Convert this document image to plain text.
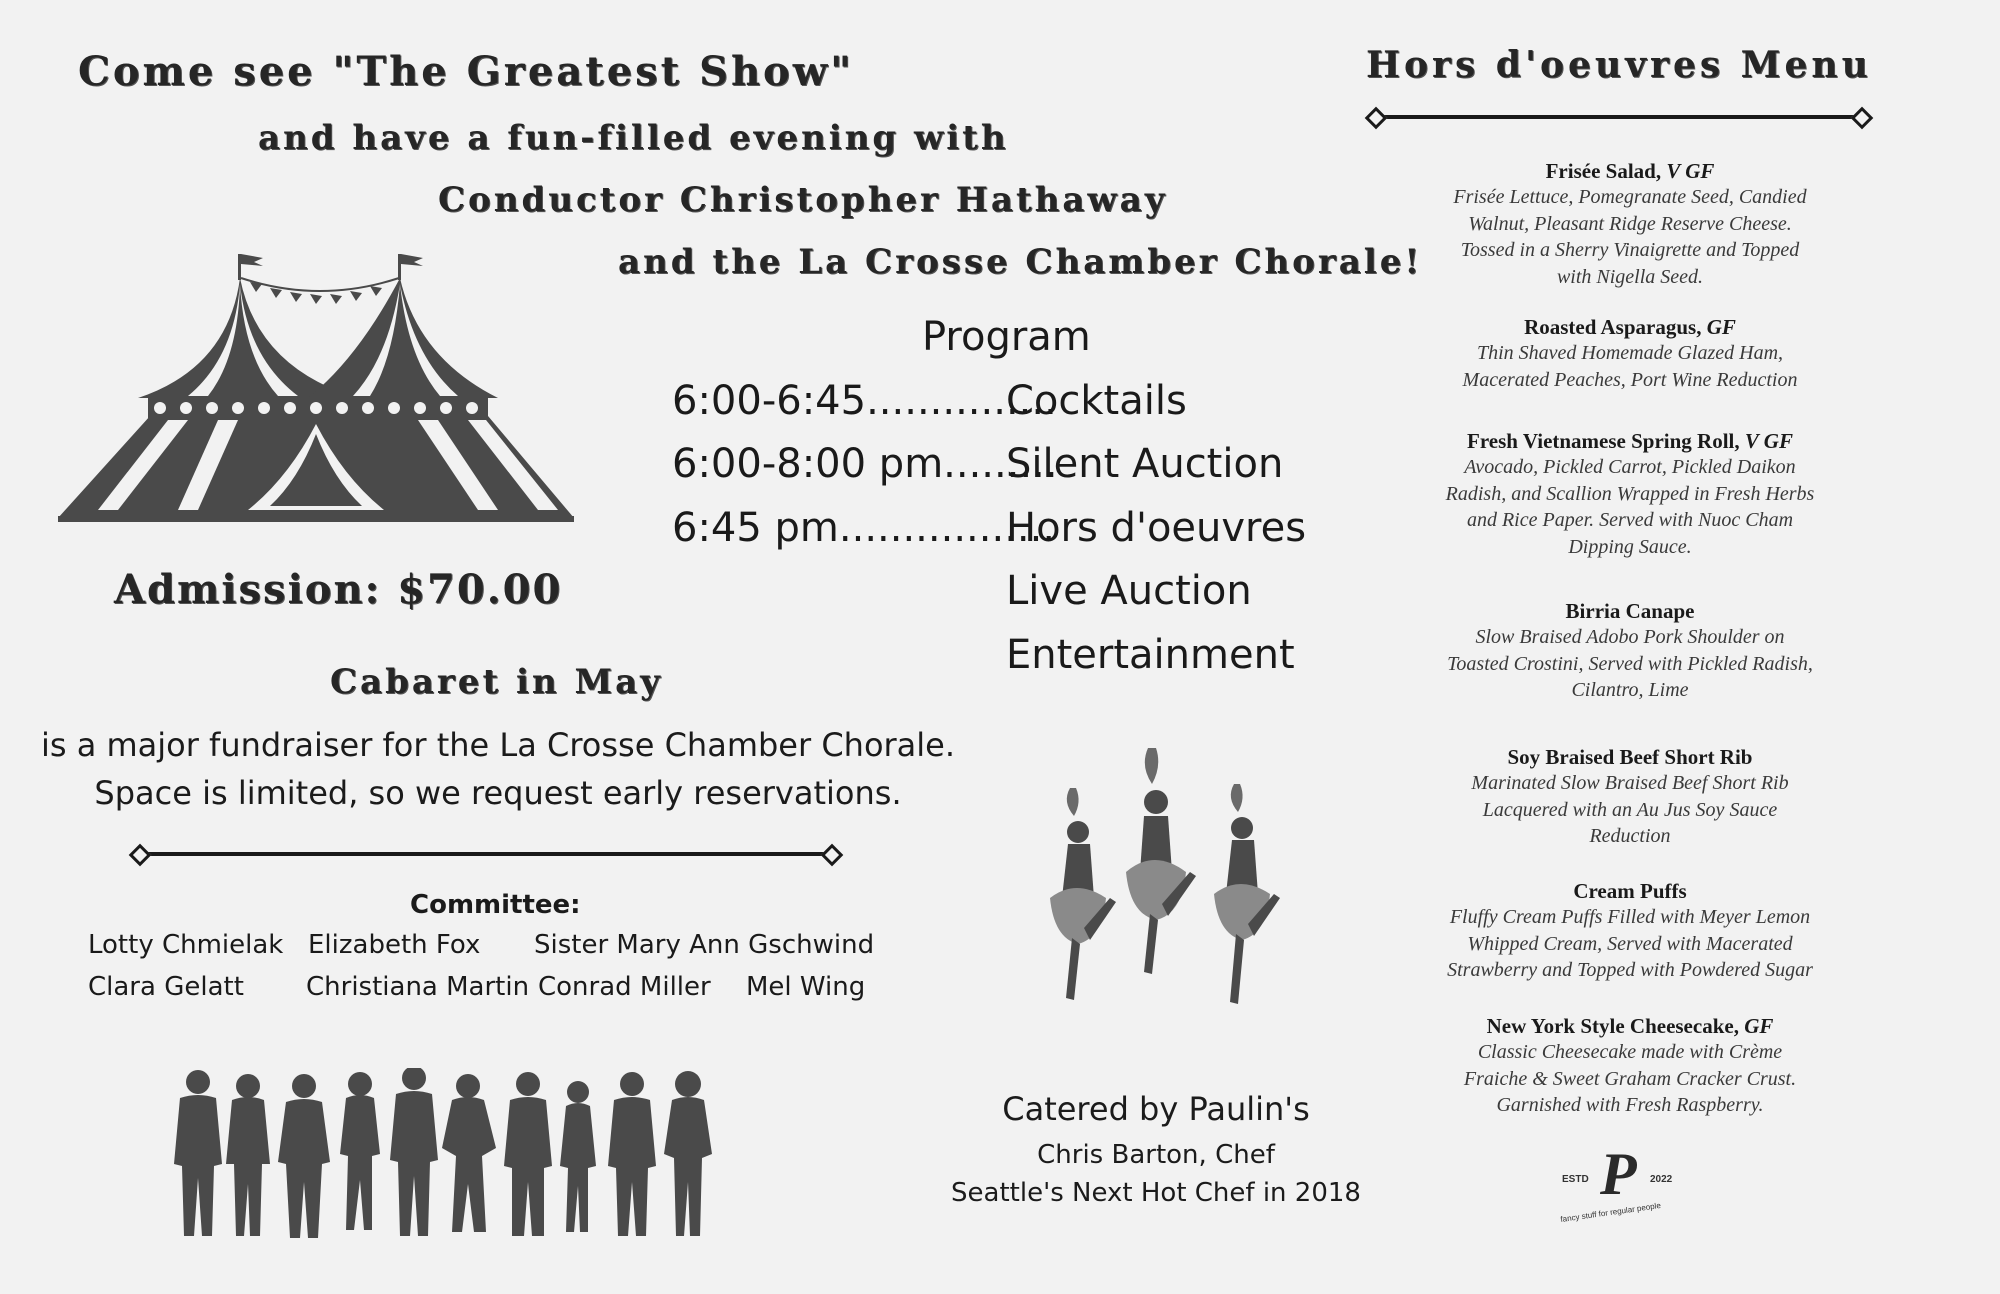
Come see "The Greatest Show"
and have a fun-filled evening with
Conductor Christopher Hathaway
and the La Crosse Chamber Chorale!
Admission: $70.00
Program
6:00-6:45...............
Cocktails
6:00-8:00 pm.........
Silent Auction
6:45 pm.................
Hors d'oeuvres
Live Auction
Entertainment
Cabaret in May
is a major fundraiser for the La Crosse Chamber Chorale.
Space is limited, so we request early reservations.
Committee:
Lotty Chmielak Elizabeth Fox Sister Mary Ann Gschwind
Clara Gelatt Christiana Martin Conrad Miller Mel Wing
Catered by Paulin's
Chris Barton, Chef
Seattle's Next Hot Chef in 2018
Hors d'oeuvres Menu
Frisée Salad, V GF
Frisée Lettuce, Pomegranate Seed, Candied
Walnut, Pleasant Ridge Reserve Cheese.
Tossed in a Sherry Vinaigrette and Topped
with Nigella Seed.
Roasted Asparagus, GF
Thin Shaved Homemade Glazed Ham,
Macerated Peaches, Port Wine Reduction
Fresh Vietnamese Spring Roll, V GF
Avocado, Pickled Carrot, Pickled Daikon
Radish, and Scallion Wrapped in Fresh Herbs
and Rice Paper. Served with Nuoc Cham
Dipping Sauce.
Birria Canape
Slow Braised Adobo Pork Shoulder on
Toasted Crostini, Served with Pickled Radish,
Cilantro, Lime
Soy Braised Beef Short Rib
Marinated Slow Braised Beef Short Rib
Lacquered with an Au Jus Soy Sauce
Reduction
Cream Puffs
Fluffy Cream Puffs Filled with Meyer Lemon
Whipped Cream, Served with Macerated
Strawberry and Topped with Powdered Sugar
New York Style Cheesecake, GF
Classic Cheesecake made with Crème
Fraiche & Sweet Graham Cracker Crust.
Garnished with Fresh Raspberry.
ESTD P 2022
fancy stuff for regular people
